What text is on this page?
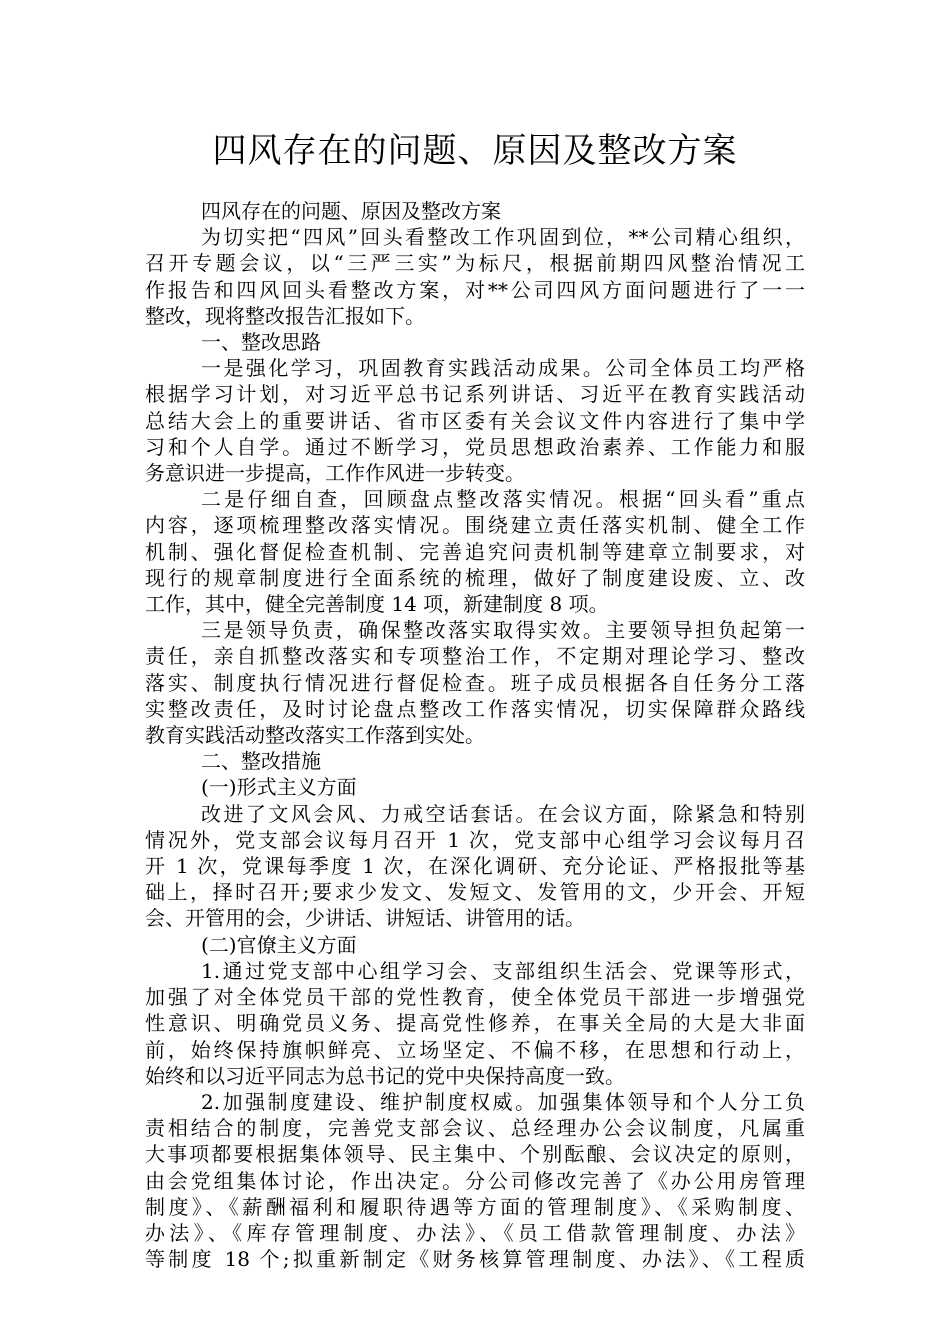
四风存在的问题、原因及整改方案
四风存在的问题、原因及整改方案
为切实把“四风”回头看整改工作巩固到位，**公司精心组织，
召开专题会议，以“三严三实”为标尺，根据前期四风整治情况工
作报告和四风回头看整改方案，对**公司四风方面问题进行了一一
整改，现将整改报告汇报如下。
一、整改思路
一是强化学习，巩固教育实践活动成果。公司全体员工均严格
根据学习计划，对习近平总书记系列讲话、习近平在教育实践活动
总结大会上的重要讲话、省市区委有关会议文件内容进行了集中学
习和个人自学。通过不断学习，党员思想政治素养、工作能力和服
务意识进一步提高，工作作风进一步转变。
二是仔细自查，回顾盘点整改落实情况。根据“回头看”重点
内容，逐项梳理整改落实情况。围绕建立责任落实机制、健全工作
机制、强化督促检查机制、完善追究问责机制等建章立制要求，对
现行的规章制度进行全面系统的梳理，做好了制度建设废、立、改
工作，其中，健全完善制度 14 项，新建制度 8 项。
三是领导负责，确保整改落实取得实效。主要领导担负起第一
责任，亲自抓整改落实和专项整治工作，不定期对理论学习、整改
落实、制度执行情况进行督促检查。班子成员根据各自任务分工落
实整改责任，及时讨论盘点整改工作落实情况，切实保障群众路线
教育实践活动整改落实工作落到实处。
二、整改措施
(一)形式主义方面
改进了文风会风、力戒空话套话。在会议方面，除紧急和特别
情况外，党支部会议每月召开 1 次，党支部中心组学习会议每月召
开 1 次，党课每季度 1 次，在深化调研、充分论证、严格报批等基
础上，择时召开;要求少发文、发短文、发管用的文，少开会、开短
会、开管用的会，少讲话、讲短话、讲管用的话。
(二)官僚主义方面
1.通过党支部中心组学习会、支部组织生活会、党课等形式，
加强了对全体党员干部的党性教育，使全体党员干部进一步增强党
性意识、明确党员义务、提高党性修养，在事关全局的大是大非面
前，始终保持旗帜鲜亮、立场坚定、不偏不移，在思想和行动上，
始终和以习近平同志为总书记的党中央保持高度一致。
2.加强制度建设、维护制度权威。加强集体领导和个人分工负
责相结合的制度，完善党支部会议、总经理办公会议制度，凡属重
大事项都要根据集体领导、民主集中、个别酝酿、会议决定的原则，
由会党组集体讨论，作出决定。分公司修改完善了《办公用房管理
制度》、《薪酬福利和履职待遇等方面的管理制度》、《采购制度、
办法》、《库存管理制度、办法》、《员工借款管理制度、办法》
等制度 18 个;拟重新制定《财务核算管理制度、办法》、《工程质
